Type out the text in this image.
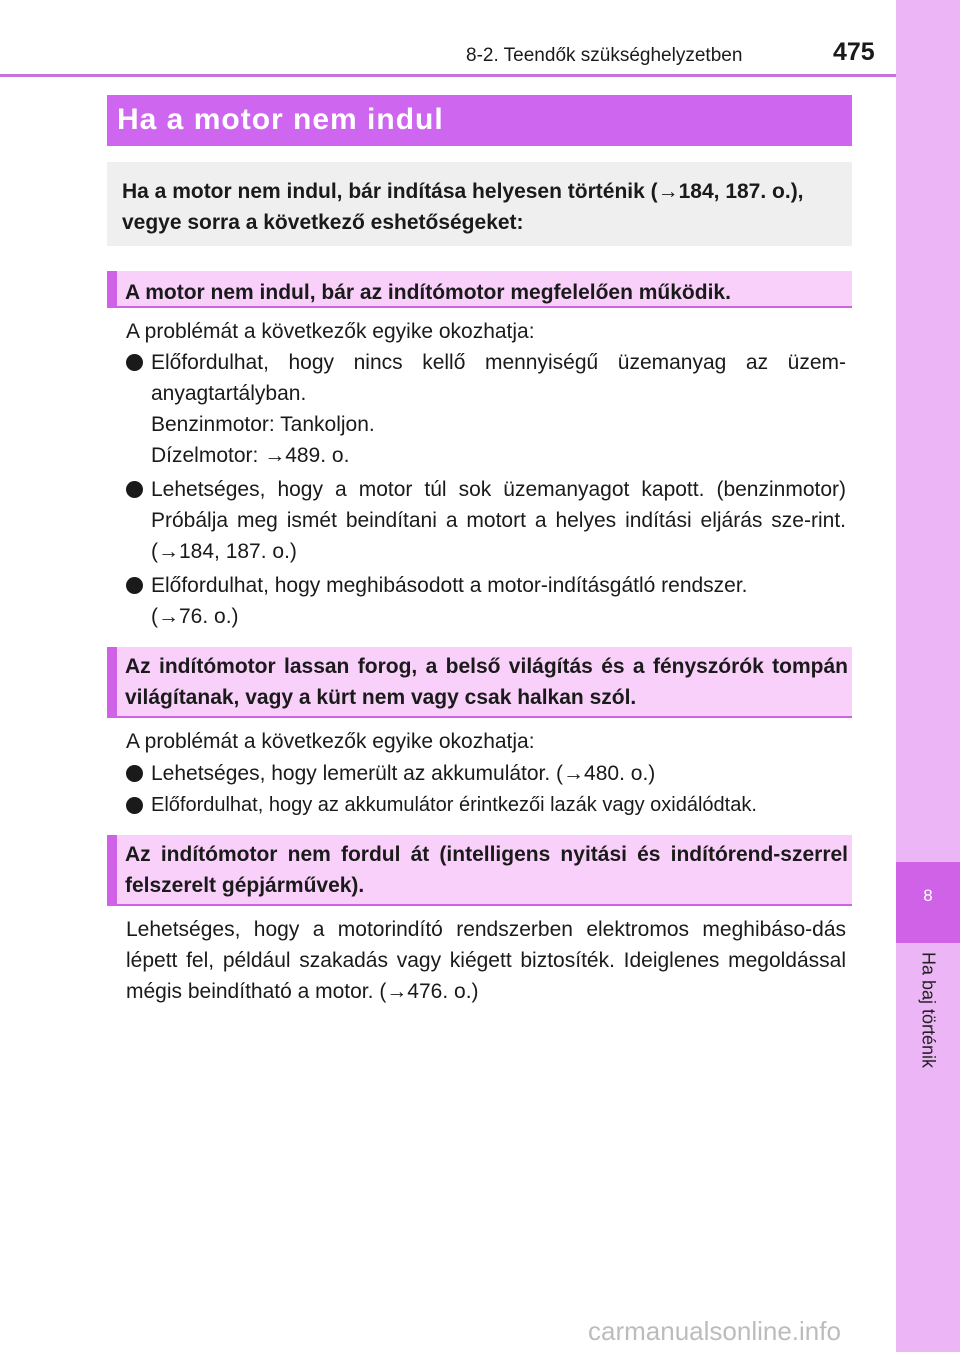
8-2. Teendők szükséghelyzetben	475
8
Ha baj történik
Ha a motor nem indul
Ha a motor nem indul, bár indítása helyesen történik (→184, 187. o.), vegye sorra a következő eshetőségeket:
A motor nem indul, bár az indítómotor megfelelően működik.
A problémát a következők egyike okozhatja:
Előfordulhat, hogy nincs kellő mennyiségű üzemanyag az üzem-anyagtartályban.
Benzinmotor: Tankoljon.
Dízelmotor: →489. o.
Lehetséges, hogy a motor túl sok üzemanyagot kapott. (benzinmotor) Próbálja meg ismét beindítani a motort a helyes indítási eljárás sze-rint. (→184, 187. o.)
Előfordulhat, hogy meghibásodott a motor-indításgátló rendszer.
(→76. o.)
Az indítómotor lassan forog, a belső világítás és a fényszórók tompán világítanak, vagy a kürt nem vagy csak halkan szól.
A problémát a következők egyike okozhatja:
Lehetséges, hogy lemerült az akkumulátor. (→480. o.)
Előfordulhat, hogy az akkumulátor érintkezői lazák vagy oxidálódtak.
Az indítómotor nem fordul át (intelligens nyitási és indítórend-szerrel felszerelt gépjárművek).
Lehetséges, hogy a motorindító rendszerben elektromos meghibáso-dás lépett fel, például szakadás vagy kiégett biztosíték. Ideiglenes megoldással mégis beindítható a motor. (→476. o.)
carmanualsonline.info
